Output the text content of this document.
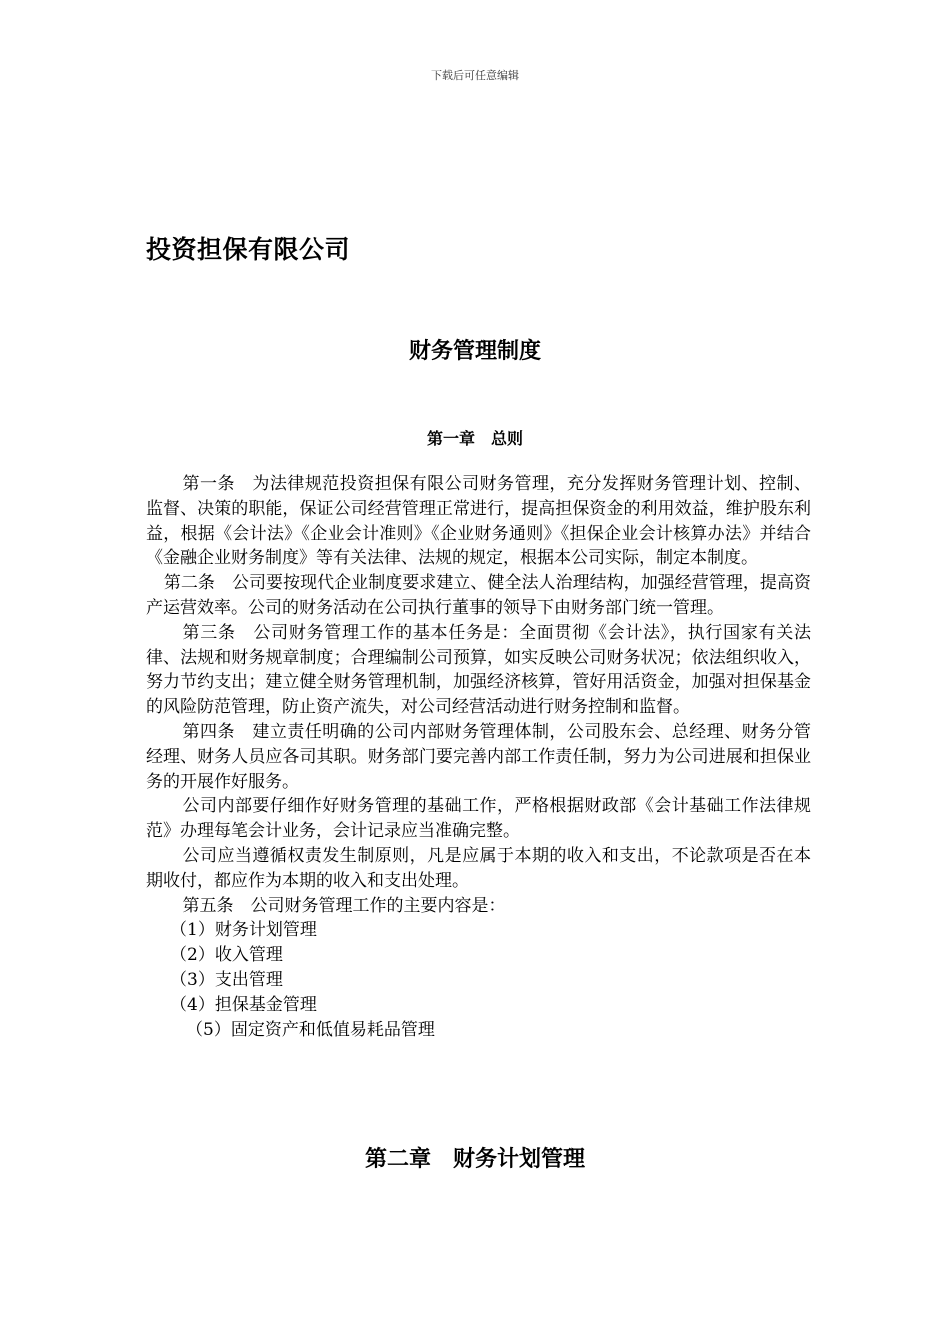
下载后可任意编辑
投资担保有限公司
财务管理制度
第一章　总则

第一条　为法律规范投资担保有限公司财务管理，充分发挥财务管理计划、控制、监督、决策的职能，保证公司经营管理正常进行，提高担保资金的利用效益，维护股东利益，根据《会计法》《企业会计准则》《企业财务通则》《担保企业会计核算办法》并结合《金融企业财务制度》等有关法律、法规的规定，根据本公司实际，制定本制度。

第二条　公司要按现代企业制度要求建立、健全法人治理结构，加强经营管理，提高资产运营效率。公司的财务活动在公司执行董事的领导下由财务部门统一管理。

第三条　公司财务管理工作的基本任务是：全面贯彻《会计法》，执行国家有关法律、法规和财务规章制度；合理编制公司预算，如实反映公司财务状况；依法组织收入，努力节约支出；建立健全财务管理机制，加强经济核算，管好用活资金，加强对担保基金的风险防范管理，防止资产流失，对公司经营活动进行财务控制和监督。

第四条　建立责任明确的公司内部财务管理体制，公司股东会、总经理、财务分管经理、财务人员应各司其职。财务部门要完善内部工作责任制，努力为公司进展和担保业务的开展作好服务。

公司内部要仔细作好财务管理的基础工作，严格根据财政部《会计基础工作法律规范》办理每笔会计业务，会计记录应当准确完整。

公司应当遵循权责发生制原则，凡是应属于本期的收入和支出，不论款项是否在本期收付，都应作为本期的收入和支出处理。

第五条　公司财务管理工作的主要内容是：

（1）财务计划管理

（2）收入管理

（3）支出管理

（4）担保基金管理

（5）固定资产和低值易耗品管理

第二章　财务计划管理
